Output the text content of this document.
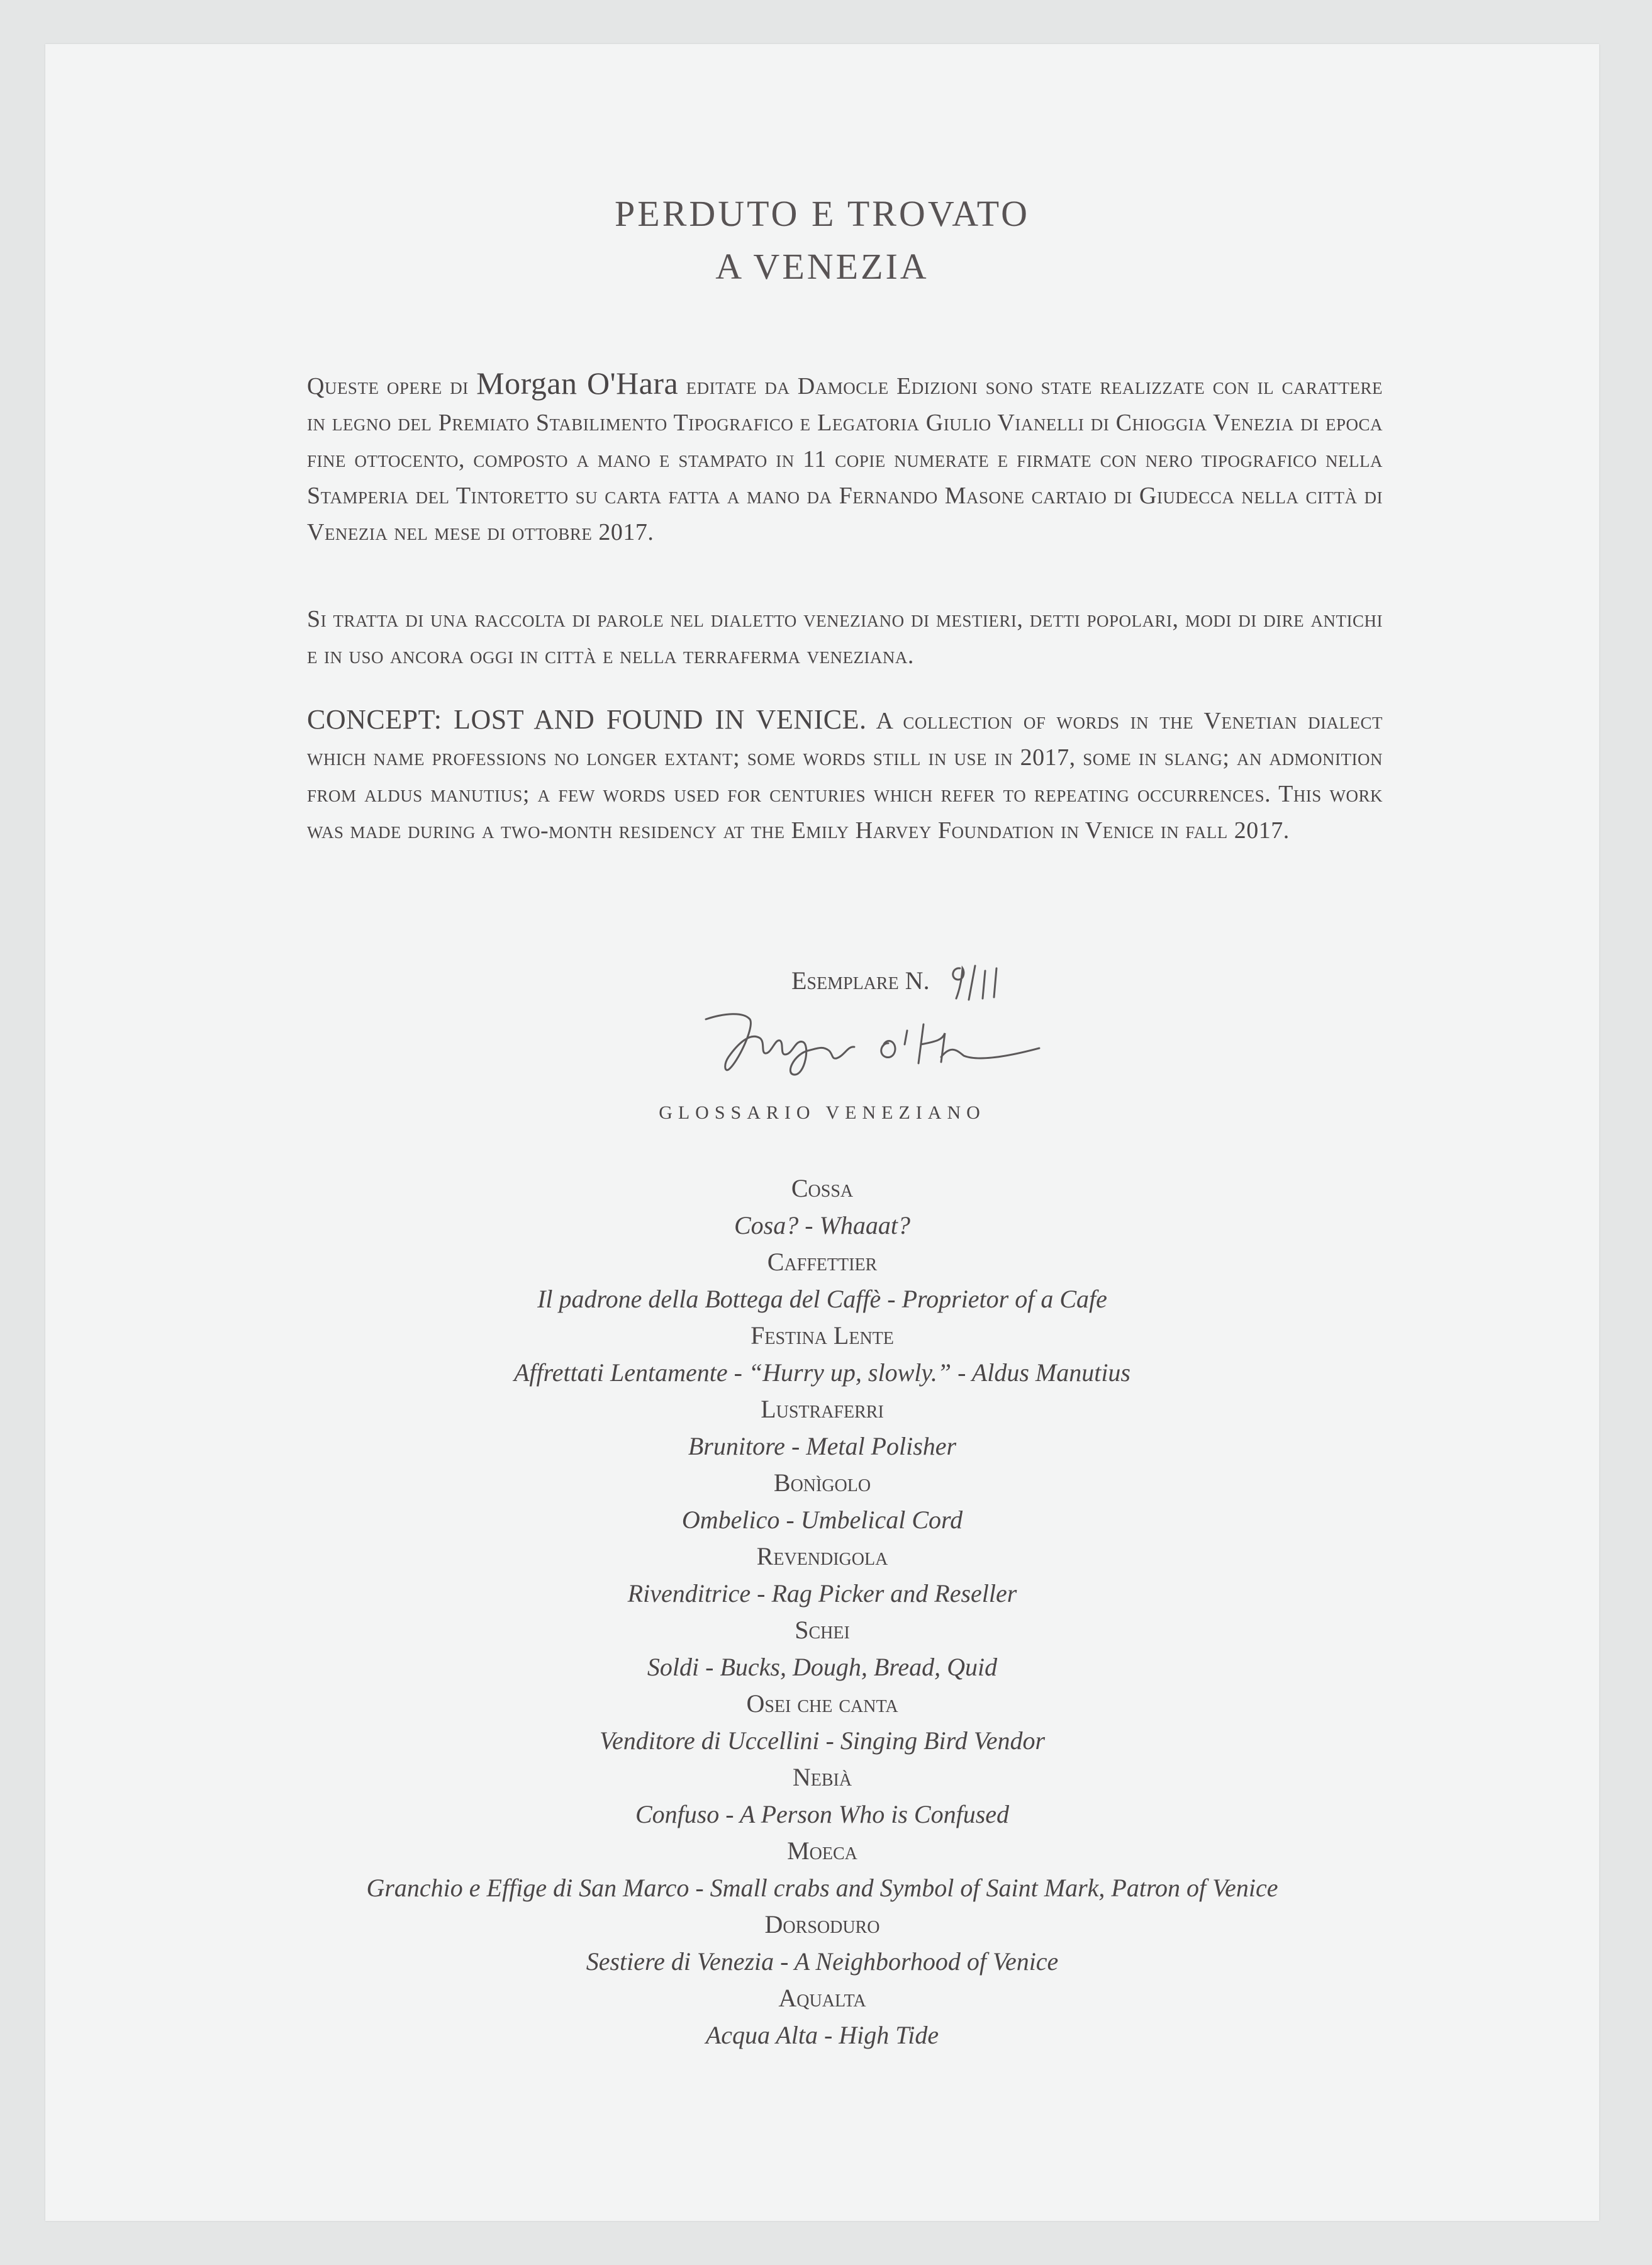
PERDUTO E TROVATO
A VENEZIA

Queste opere di Morgan O'Hara editate da Damocle Edizioni sono state realizzate con il carattere in legno del Premiato Stabilimento Tipografico e Legatoria Giulio Vianelli di Chioggia Venezia di epoca fine ottocento, composto a mano e stampato in 11 copie numerate e firmate con nero tipografico nella Stamperia del Tintoretto su carta fatta a mano da Fernando Masone cartaio di Giudecca nella città di Venezia nel mese di ottobre 2017.

Si tratta di una raccolta di parole nel dialetto veneziano di mestieri, detti popolari, modi di dire antichi e in uso ancora oggi in città e nella terraferma veneziana.

CONCEPT: LOST AND FOUND IN VENICE. A collection of words in the Venetian dialect which name professions no longer extant; some words still in use in 2017, some in slang; an admonition from aldus manutius; a few words used for centuries which refer to repeating occurrences. This work was made during a two-month residency at the Emily Harvey Foundation in Venice in fall 2017.

Esemplare N.
GLOSSARIO VENEZIANO
Cossa
Cosa? - Whaaat?
Caffettier
Il padrone della Bottega del Caffè - Proprietor of a Cafe
Festina Lente
Affrettati Lentamente - “Hurry up, slowly.” - Aldus Manutius
Lustraferri
Brunitore - Metal Polisher
Bonìgolo
Ombelico - Umbelical Cord
Revendigola
Rivenditrice - Rag Picker and Reseller
Schei
Soldi - Bucks, Dough, Bread, Quid
Osei che canta
Venditore di Uccellini - Singing Bird Vendor
Nebià
Confuso - A Person Who is Confused
Moeca
Granchio e Effige di San Marco - Small crabs and Symbol of Saint Mark, Patron of Venice
Dorsoduro
Sestiere di Venezia - A Neighborhood of Venice
Aqualta
Acqua Alta - High Tide
